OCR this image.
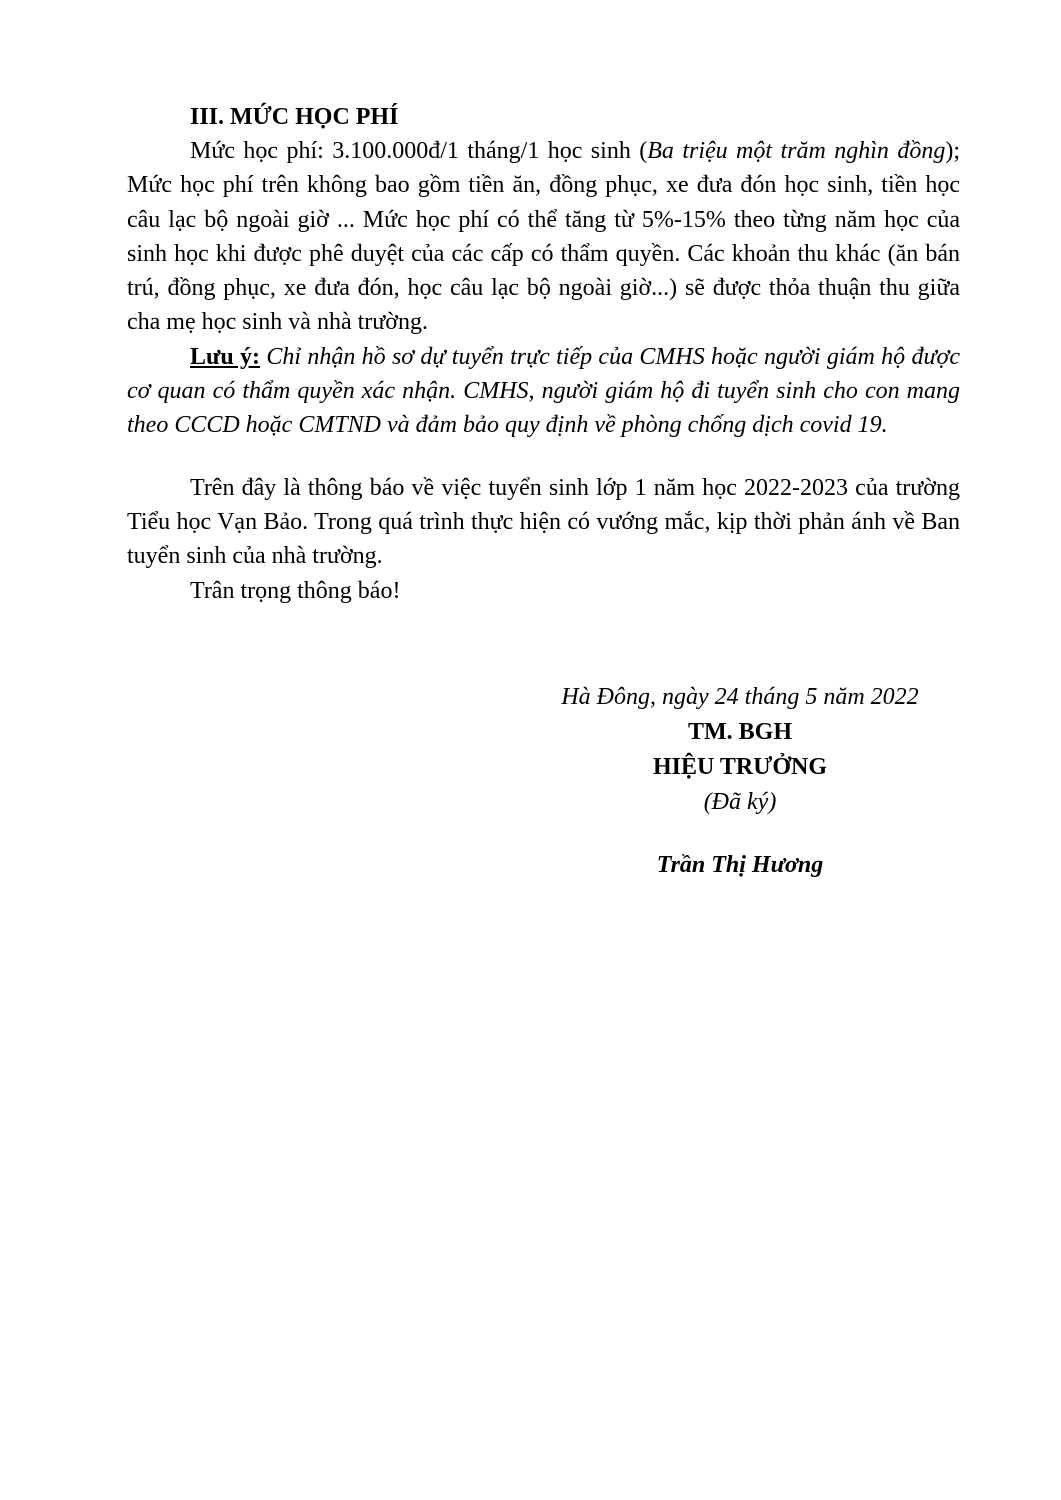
III. MỨC HỌC PHÍ

Mức học phí: 3.100.000đ/1 tháng/1 học sinh (Ba triệu một trăm nghìn đồng); Mức học phí trên không bao gồm tiền ăn, đồng phục, xe đưa đón học sinh, tiền học câu lạc bộ ngoài giờ ... Mức học phí có thể tăng từ 5%-15% theo từng năm học của sinh học khi được phê duyệt của các cấp có thẩm quyền. Các khoản thu khác (ăn bán trú, đồng phục, xe đưa đón, học câu lạc bộ ngoài giờ...) sẽ được thỏa thuận thu giữa cha mẹ học sinh và nhà trường.

Lưu ý: Chỉ nhận hồ sơ dự tuyển trực tiếp của CMHS hoặc người giám hộ được cơ quan có thẩm quyền xác nhận. CMHS, người giám hộ đi tuyển sinh cho con mang theo CCCD hoặc CMTND và đảm bảo quy định về phòng chống dịch covid 19.

Trên đây là thông báo về việc tuyển sinh lớp 1 năm học 2022-2023 của trường Tiểu học Vạn Bảo. Trong quá trình thực hiện có vướng mắc, kịp thời phản ánh về Ban tuyển sinh của nhà trường.

Trân trọng thông báo!

Hà Đông, ngày 24 tháng 5 năm 2022

TM. BGH

HIỆU TRƯỞNG

(Đã ký)

Trần Thị Hương
